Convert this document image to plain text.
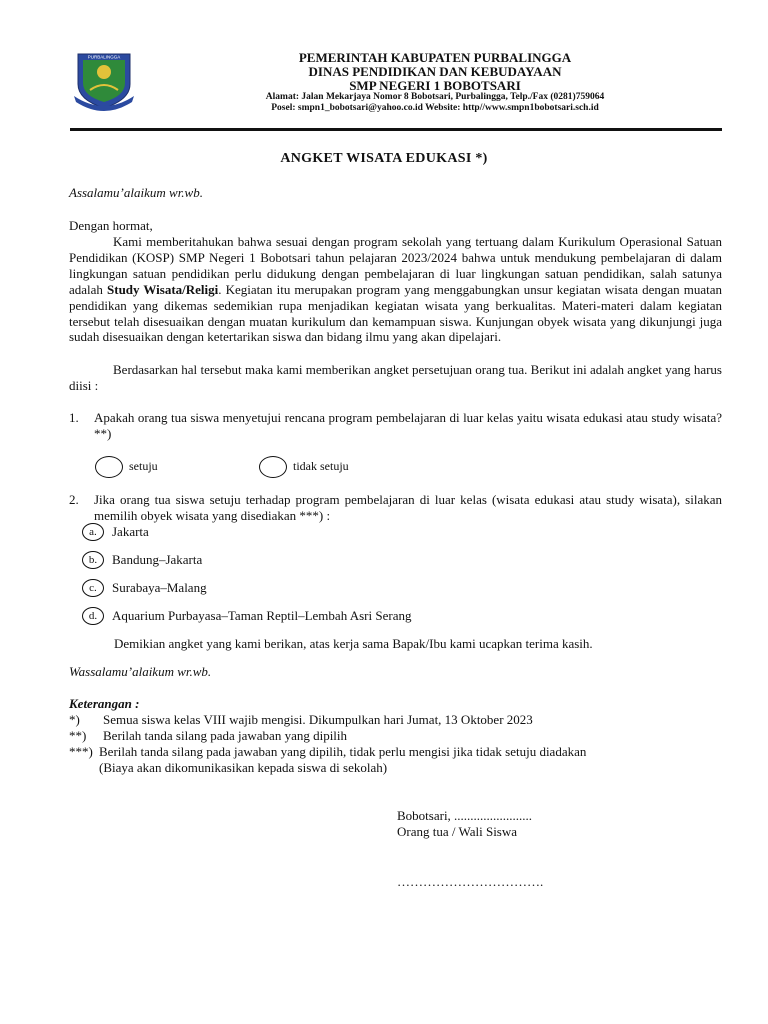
PURBALINGGA	PEMERINTAH KABUPATEN PURBALINGGA
DINAS PENDIDIKAN DAN KEBUDAYAAN
SMP NEGERI 1 BOBOTSARI
Alamat: Jalan Mekarjaya Nomor 8 Bobotsari, Purbalingga, Telp./Fax (0281)759064
Posel: smpn1_bobotsari@yahoo.co.id Website: http//www.smpn1bobotsari.sch.id
ANGKET WISATA EDUKASI *)
Assalamu’alaikum wr.wb.
Dengan hormat,

Kami memberitahukan bahwa sesuai dengan program sekolah yang tertuang dalam Kurikulum Operasional Satuan Pendidikan (KOSP) SMP Negeri 1 Bobotsari tahun pelajaran 2023/2024 bahwa untuk mendukung pembelajaran di dalam lingkungan satuan pendidikan perlu didukung dengan pembelajaran di luar lingkungan satuan pendidikan, salah satunya adalah Study Wisata/Religi. Kegiatan itu merupakan program yang menggabungkan unsur kegiatan wisata dengan muatan pendidikan yang dikemas sedemikian rupa menjadikan kegiatan wisata yang berkualitas. Materi-materi dalam kegiatan tersebut telah disesuaikan dengan muatan kurikulum dan kemampuan siswa. Kunjungan obyek wisata yang dikunjungi juga sudah disesuaikan dengan ketertarikan siswa dan bidang ilmu yang akan dipelajari.

Berdasarkan hal tersebut maka kami memberikan angket persetujuan orang tua. Berikut ini adalah angket yang harus diisi :

1. Apakah orang tua siswa menyetujui rencana program pembelajaran di luar kelas yaitu wisata edukasi atau study wisata? **)
setuju	tidak setuju
2. Jika orang tua siswa setuju terhadap program pembelajaran di luar kelas (wisata edukasi atau study wisata), silakan memilih obyek wisata yang disediakan ***) :
a.	Jakarta
b.	Bandung–Jakarta
c.	Surabaya–Malang
d.	Aquarium Purbayasa–Taman Reptil–Lembah Asri Serang
Demikian angket yang kami berikan, atas kerja sama Bapak/Ibu kami ucapkan terima kasih.
Wassalamu’alaikum wr.wb.
Keterangan :
*) Semua siswa kelas VIII wajib mengisi. Dikumpulkan hari Jumat, 13 Oktober 2023
**) Berilah tanda silang pada jawaban yang dipilih
***) Berilah tanda silang pada jawaban yang dipilih, tidak perlu mengisi jika tidak setuju diadakan
(Biaya akan dikomunikasikan kepada siswa di sekolah)
Bobotsari, ........................
Orang tua / Wali Siswa
…………………………….
